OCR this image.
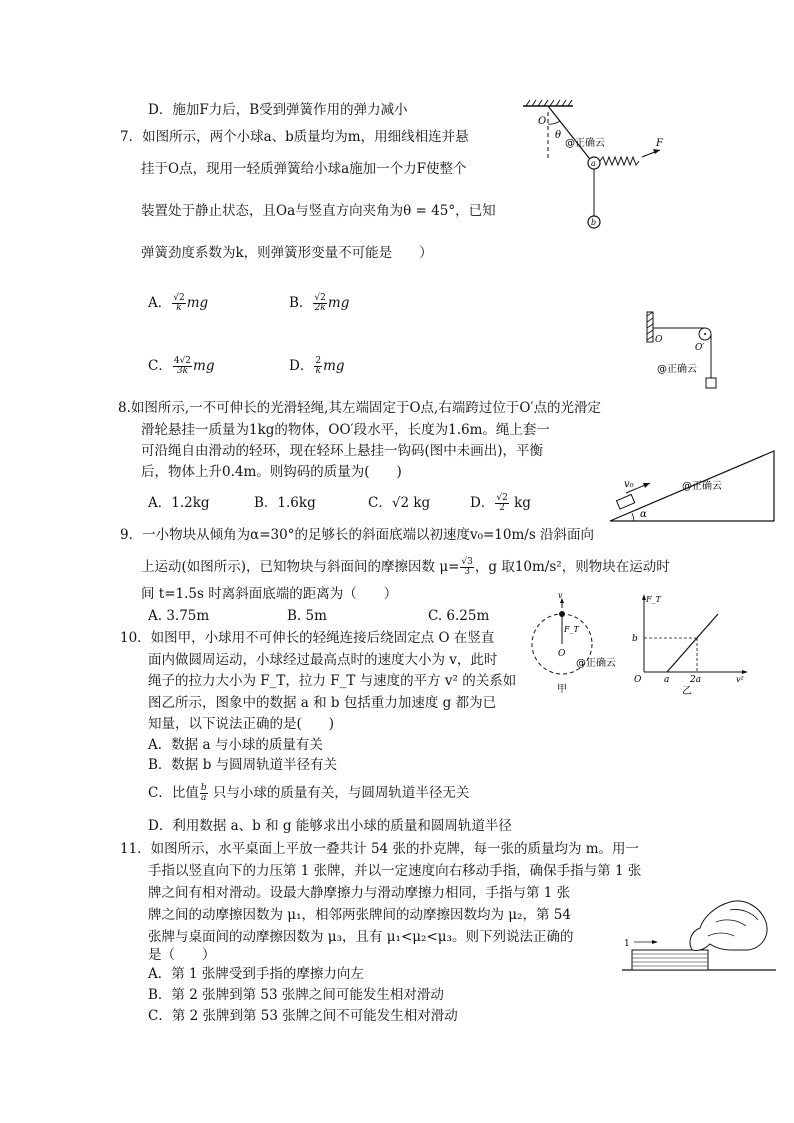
D．施加F力后，B受到弹簧作用的弹力减小
7．如图所示，两个小球a、b质量均为m，用细线相连并悬
挂于O点，现用一轻质弹簧给小球a施加一个力F使整个
装置处于静止状态，且Oa与竖直方向夹角为θ = 45°，已知
弹簧劲度系数为k，则弹簧形变量不可能是　　）
A． $\frac{√2}{k}$ mg	B． $\frac{√2}{2k}$ mg
C． $\frac{4√2}{3k}$ mg	D． $\frac{2}{k}$ mg
O
θ
@正确云
a
F
b
O
O′
@正确云
8.如图所示,一不可伸长的光滑轻绳,其左端固定于O点,右端跨过位于O′点的光滑定
滑轮悬挂一质量为1kg的物体，OO′段水平，长度为1.6m。绳上套一
可沿绳自由滑动的轻环，现在轻环上悬挂一钩码(图中未画出)，平衡
后，物体上升0.4m。则钩码的质量为(　　)
A．1.2kg	B．1.6kg	C．√2 kg	D． $\frac{√2}{2}$ kg
v₀
α
@正确云
9．一小物块从倾角为α=30°的足够长的斜面底端以初速度v₀=10m/s 沿斜面向
上运动(如图所示)，已知物块与斜面间的摩擦因数 $\mu= \frac{√3}{3}$ ，g 取10m/s²，则物块在运动时
间 t=1.5s 时离斜面底端的距离为（　　）
A. 3.75m	B. 5m	C. 6.25m
v
F_T
O
@正确云
甲
F_T
b
O	a 2a	v²
乙
10．如图甲，小球用不可伸长的轻绳连接后绕固定点 O 在竖直
面内做圆周运动，小球经过最高点时的速度大小为 v，此时
绳子的拉力大小为 F_T，拉力 F_T 与速度的平方 v² 的关系如
图乙所示，图象中的数据 a 和 b 包括重力加速度 g 都为已
知量，以下说法正确的是(　　)
A．数据 a 与小球的质量有关
B．数据 b 与圆周轨道半径有关
C．比值 $\frac{b}{a}$ 只与小球的质量有关，与圆周轨道半径无关
D．利用数据 a、b 和 g 能够求出小球的质量和圆周轨道半径
11．如图所示，水平桌面上平放一叠共计 54 张的扑克牌，每一张的质量均为 m。用一
手指以竖直向下的力压第 1 张牌，并以一定速度向右移动手指，确保手指与第 1 张
牌之间有相对滑动。设最大静摩擦力与滑动摩擦力相同，手指与第 1 张
牌之间的动摩擦因数为 μ₁，相邻两张牌间的动摩擦因数均为 μ₂，第 54
张牌与桌面间的动摩擦因数为 μ₃，且有 μ₁<μ₂<μ₃。则下列说法正确的
是（　　）
A．第 1 张牌受到手指的摩擦力向左
B．第 2 张牌到第 53 张牌之间可能发生相对滑动
C．第 2 张牌到第 53 张牌之间不可能发生相对滑动
1
